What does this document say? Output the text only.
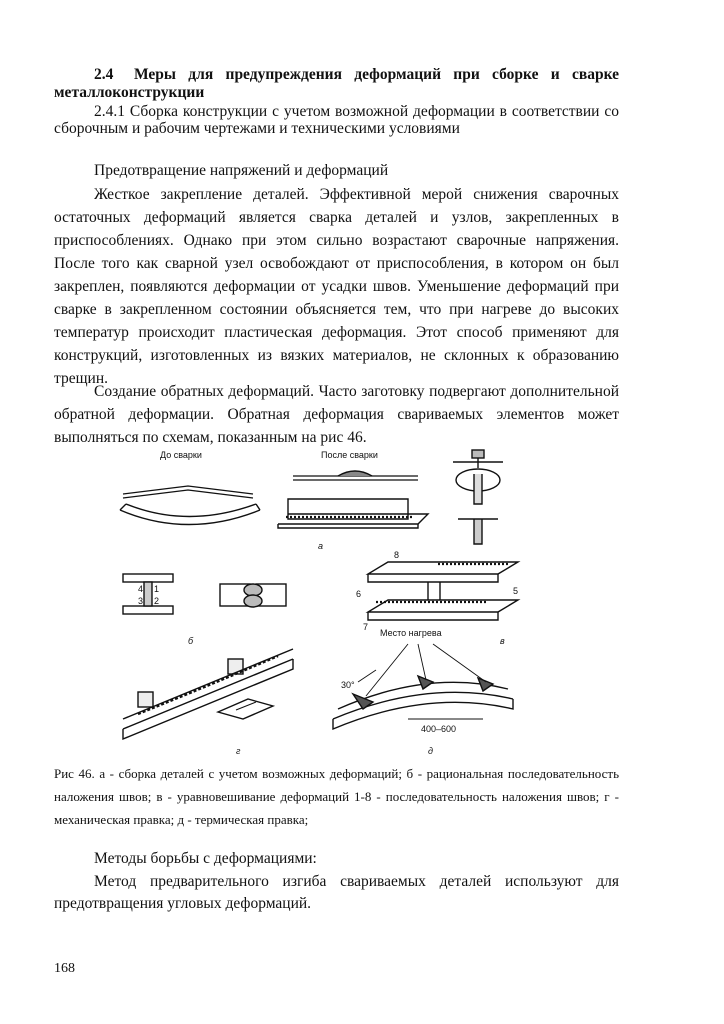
2.4 Меры для предупреждения деформаций при сборке и сварке металлоконструкции

2.4.1 Сборка конструкции с учетом возможной деформации в соответствии со сборочным и рабочим чертежами и техническими условиями

Предотвращение напряжений и деформаций

Жесткое закрепление деталей. Эффективной мерой снижения сварочных остаточных деформаций является сварка деталей и узлов, закрепленных в приспособлениях. Однако при этом сильно возрастают сварочные напряжения. После того как сварной узел освобождают от приспособления, в котором он был закреплен, появляются деформации от усадки швов. Уменьшение деформаций при сварке в закрепленном состоянии объясняется тем, что при нагреве до высоких температур происходит пластическая деформация. Этот способ применяют для конструкций, изготовленных из вязких материалов, не склонных к образованию трещин.

Создание обратных деформаций. Часто заготовку подвергают дополнительной обратной деформации. Обратная деформация свариваемых элементов может выполняться по схемам, показанным на рис 46.

До сварки	После сварки
Место нагрева
30°
400–600
а
б	в
г	д
1
2
3
4	5
6
7
8

Рис 46. а - сборка деталей с учетом возможных деформаций; б - рациональная последовательность наложения швов; в - уравновешивание деформаций 1-8 - последовательность наложения швов; г - механическая правка; д - термическая правка;

Методы борьбы с деформациями:

Метод предварительного изгиба свариваемых деталей используют для предотвращения угловых деформаций.

168
